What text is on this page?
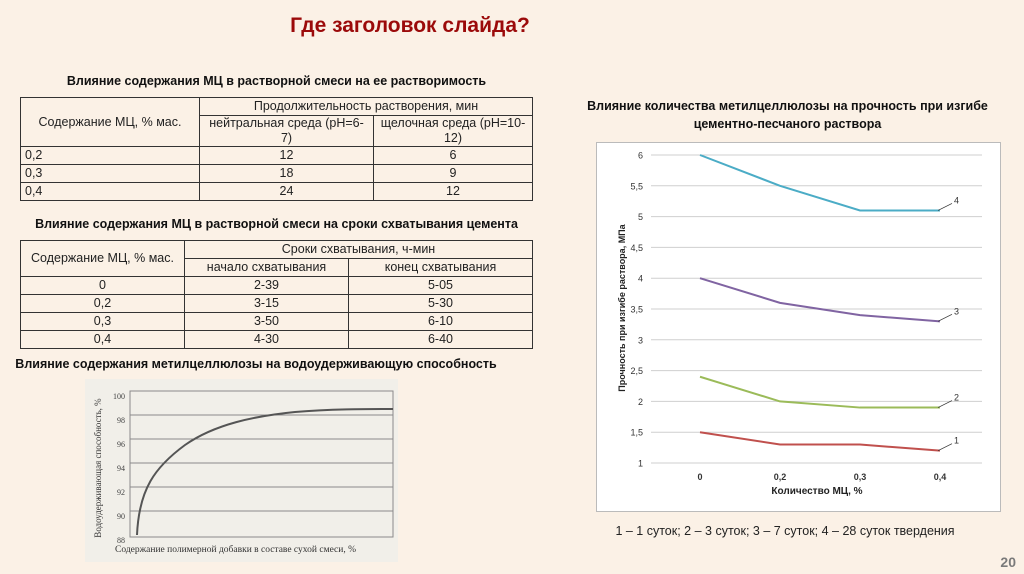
Где заголовок слайда?
Влияние содержания МЦ в растворной смеси на ее растворимость
Содержание МЦ, % мас.	Продолжительность растворения, мин	
	нейтральная среда (рН=6-7)	щелочная среда (рН=10-12)

0,2	12	6
0,3	18	9
0,4	24	12
Влияние содержания МЦ в растворной смеси на сроки схватывания цемента
Содержание МЦ, % мас.	Сроки схватывания, ч-мин	
	начало схватывания	конец схватывания
0	2-39	5-05
0,2	3-15	5-30
0,3	3-50	6-10
0,4	4-30	6-40
Влияние содержания метилцеллюлозы на водоудерживающую способность
100
98
96
94
92
90
88
Водоудерживающая способность, %
Содержание полимерной добавки в составе сухой смеси, %
Влияние количества метилцеллюлозы на прочность при изгибе цементно-песчаного раствора
1
1,5
2
2,5
3
3,5
4
4,5
5
5,5
6
0	0,2	0,3	0,4
1
2
3
4
Прочность при изгибе раствора, МПа
Количество МЦ, %
1 – 1 суток; 2 – 3 суток; 3 – 7 суток; 4 – 28 суток твердения
20
